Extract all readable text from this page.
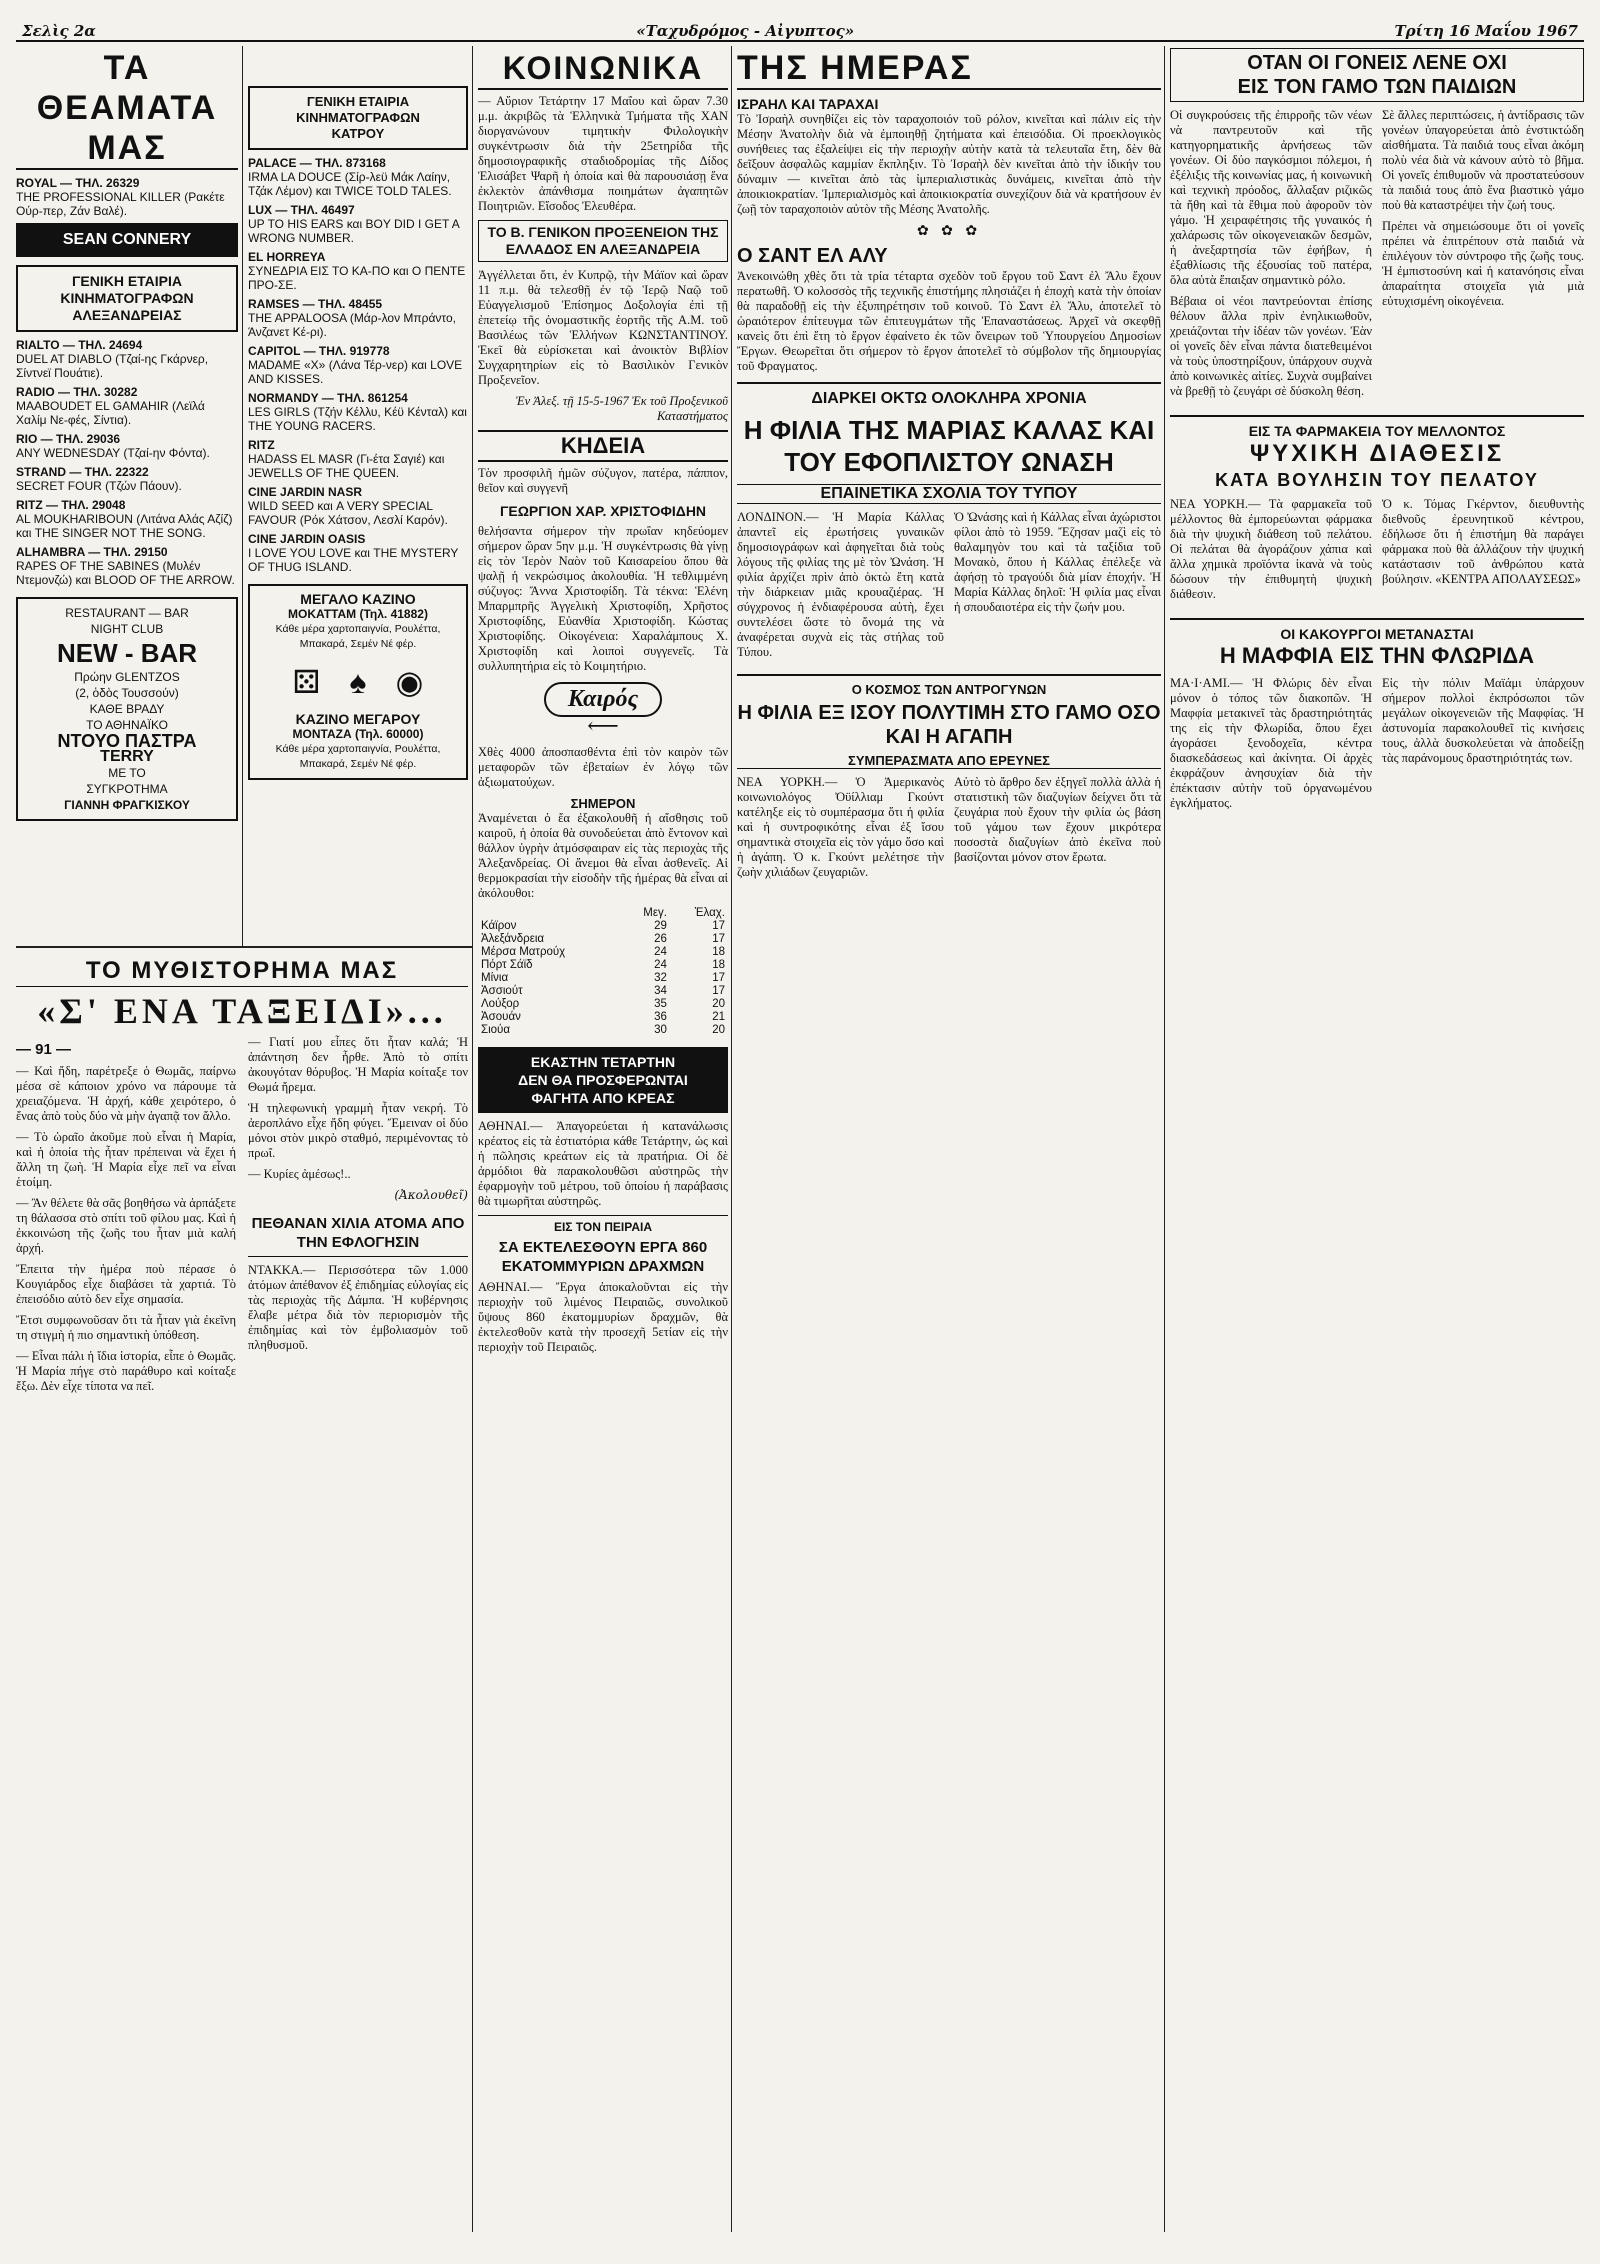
Σελὶς 2α	«Ταχυδρόμος - Αἰγυπτος»	Τρίτη 16 Μαΐου 1967
ΤΑ ΘΕΑΜΑΤΑ ΜΑΣ
ROYAL — ΤΗΛ. 26329
THE PROFESSIONAL KILLER (Ρακέτε Ούρ-περ, Ζάν Βαλέ).
SEAN CONNERY
ΓΕΝΙΚΗ ΕΤΑΙΡΙΑ
ΚΙΝΗΜΑΤΟΓΡΑΦΩΝ
ΑΛΕΞΑΝΔΡΕΙΑΣ
RIALTO — ΤΗΛ. 24694
DUEL AT DIABLO (Τζαί-ης Γκάρνερ, Σίντνεϊ Πουάτιε).
RADIO — ΤΗΛ. 30282
MAABOUDET EL GAMAHIR (Λεϊλά Χαλίμ Νε-φές, Σίντια).
RIO — ΤΗΛ. 29036
ANY WEDNESDAY (Τζαί-ην Φόντα).
STRAND — ΤΗΛ. 22322
SECRET FOUR (Τζών Πάουν).
RITZ — ΤΗΛ. 29048
AL MOUKHARIBOUN (Λιτάνα Αλάς Αζίζ) και THE SINGER NOT THE SONG.
ALHAMBRA — ΤΗΛ. 29150
RAPES OF THE SABINES (Μυλέν Ντεμονζώ) και BLOOD OF THE ARROW.
RESTAURANT — BAR
NIGHT CLUB
NEW - BAR
Πρώην GLENTZOS
(2, ὁδὸς Τουσσούν)
ΚΑΘΕ ΒΡΑΔΥ
ΤΟ ΑΘΗΝΑΪΚΟ
ΝΤΟΥΟ ΠΑΣΤΡΑ
TERRY
ΜΕ ΤΟ
ΣΥΓΚΡΟΤΗΜΑ
ΓΙΑΝΝΗ ΦΡΑΓΚΙΣΚΟΥ
ΓΕΝΙΚΗ ΕΤΑΙΡΙΑ
ΚΙΝΗΜΑΤΟΓΡΑΦΩΝ
ΚΑΤΡΟΥ
PALACE — ΤΗΛ. 873168
IRMA LA DOUCE (Σίρ-λεϋ Μάκ Λαίην, Τζάκ Λέμον) και TWICE TOLD TALES.
LUX — ΤΗΛ. 46497
UP TO HIS EARS και BOY DID I GET A WRONG NUMBER.
EL HORREYA
ΣΥΝΕΔΡΙΑ ΕΙΣ ΤΟ ΚΑ-ΠΟ και Ο ΠΕΝΤΕ ΠΡΟ-ΣΕ.
RAMSES — ΤΗΛ. 48455
THE APPALOOSA (Μάρ-λον Μπράντο, Άνζανετ Κέ-ρι).
CAPITOL — ΤΗΛ. 919778
MADAME «X» (Λάνα Τέρ-νερ) και LOVE AND KISSES.
NORMANDY — ΤΗΛ. 861254
LES GIRLS (Τζήν Κέλλυ, Κέϋ Κένταλ) και THE YOUNG RACERS.
RITZ
HADASS EL MASR (Γι-έτα Σαγιέ) και JEWELLS OF THE QUEEN.
CINE JARDIN NASR
WILD SEED και A VERY SPECIAL FAVOUR (Ρόκ Χάτσον, Λεσλί Καρόν).
CINE JARDIN OASIS
I LOVE YOU LOVE και THE MYSTERY OF THUG ISLAND.
ΜΕΓΑΛΟ ΚΑΖΙΝΟ
ΜΟΚΑΤΤΑΜ (Τηλ. 41882)
Κάθε μέρα χαρτοπαιγνία, Ρουλέττα, Μπακαρά, Σεμέν Νέ φέρ.
⚄ ♠ ◉
ΚΑΖΙΝΟ ΜΕΓΑΡΟΥ
ΜΟΝΤΑΖΑ (Τηλ. 60000)
Κάθε μέρα χαρτοπαιγνία, Ρουλέττα, Μπακαρά, Σεμέν Νέ φέρ.
ΤΟ ΜΥΘΙΣΤΟΡΗΜΑ ΜΑΣ
«Σ' ΕΝΑ ΤΑΞΕΙΔΙ»...
— 91 —

— Καὶ ἤδη, παρέτρεξε ὁ Θωμᾶς, παίρνω μέσα σὲ κάποιον χρόνο να πάρουμε τὰ χρειαζόμενα. Ἡ ἀρχή, κάθε χειρότερο, ὁ ἔνας ἀπὸ τοὺς δύο νὰ μὴν ἀγαπᾷ τον ἄλλο.

— Τὸ ὡραῖο ἀκοῦμε ποὺ εἶναι ἡ Μαρία, καὶ ἡ ὁποία τὴς ἦταν πρέπειναι νὰ ἔχει ἡ ἄλλη τη ζωὴ. Ἡ Μαρία εἶχε πεῖ να εἶναι ἑτοίμη.

— Ἂν θέλετε θὰ σᾶς βοηθήσω νὰ ἀρπάξετε τη θάλασσα στὸ σπίτι τοῦ φίλου μας. Καὶ ἡ ἐκκοινώση τῆς ζωῆς του ἦταν μιὰ καλή ἀρχή.

Ἔπειτα τὴν ἡμέρα ποὺ πέρασε ὁ Κουγιάρδος εἶχε διαβάσει τὰ χαρτιά. Τὸ ἐπεισόδιο αὐτὸ δεν εἶχε σημασία.

Ἔτσι συμφωνοῦσαν ὅτι τὰ ἦταν γιὰ ἐκεῖνη τη στιγμὴ ἡ πιο σημαντικὴ ὑπόθεση.

— Εἶναι πάλι ἡ ἴδια ἱστορία, εἶπε ὁ Θωμᾶς. Ἡ Μαρία πήγε στὸ παράθυρο καὶ κοίταξε ἔξω. Δὲν εἶχε τίποτα να πεῖ.

— Γιατί μου εἶπες ὅτι ἦταν καλά; Ἡ ἀπάντηση δεν ἦρθε. Ἀπὸ τὸ σπίτι ἀκουγόταν θόρυβος. Ἡ Μαρία κοίταξε τον Θωμά ἤρεμα.

Ἡ τηλεφωνικὴ γραμμὴ ἦταν νεκρή. Τὸ ἀεροπλάνο εἶχε ἤδη φύγει. Ἔμειναν οἱ δύο μόνοι στὸν μικρὸ σταθμό, περιμένοντας τὸ πρωΐ.

— Κυρίες ἀμέσως!..

(Ἀκολουθεῖ)
ΠΕΘΑΝΑΝ ΧΙΛΙΑ ΑΤΟΜΑ ΑΠΟ ΤΗΝ ΕΦΛΟΓΗΣΙΝ

ΝΤΑΚΚΑ.— Περισσότερα τῶν 1.000 ἀτόμων ἀπέθανον ἐξ ἐπιδημίας εὐλογίας εἰς τὰς περιοχὰς τῆς Δάμπα. Ἡ κυβέρνησις ἔλαβε μέτρα διὰ τὸν περιορισμὸν τῆς ἐπιδημίας καὶ τὸν ἐμβολιασμὸν τοῦ πληθυσμοῦ.

ΚΟΙΝΩΝΙΚΑ

— Αὔριον Τετάρτην 17 Μαΐου καὶ ὥραν 7.30 μ.μ. ἀκριβῶς τὰ Ἑλληνικὰ Τμήματα τῆς ΧΑΝ διοργανώνουν τιμητικὴν Φιλολογικὴν συγκέντρωσιν διὰ τὴν 25ετηρίδα τῆς δημοσιογραφικῆς σταδιοδρομίας τῆς Δίδος Ἐλισάβετ Ψαρῆ ἡ ὁποία καὶ θὰ παρουσιάσῃ ἕνα ἐκλεκτὸν ἀπάνθισμα ποιημάτων ἀγαπητῶν Ποιητριῶν. Εἴσοδος Ἐλευθέρα.

ΤΟ Β. ΓΕΝΙΚΟΝ ΠΡΟΞΕΝΕΙΟΝ ΤΗΣ ΕΛΛΑΔΟΣ ΕΝ ΑΛΕΞΑΝΔΡΕΙΑ

Ἀγγέλλεται ὅτι, ἐν Κυπρῷ, τὴν Μάϊον καὶ ὥραν 11 π.μ. θὰ τελεσθῇ ἐν τῷ Ἱερῷ Ναῷ τοῦ Εὐαγγελισμοῦ Ἐπίσημος Δοξολογία ἐπὶ τῇ ἐπετείῳ τῆς ὀνομαστικῆς ἑορτῆς τῆς Α.Μ. τοῦ Βασιλέως τῶν Ἑλλήνων ΚΩΝΣΤΑΝΤΙΝΟΥ. Ἐκεῖ θὰ εὑρίσκεται καὶ ἀνοικτὸν Βιβλίον Συγχαρητηρίων εἰς τὸ Βασιλικὸν Γενικὸν Προξενεῖον.

Ἐν Ἀλεξ. τῇ 15-5-1967 Ἐκ τοῦ Προξενικοῦ Καταστήματος

ΚΗΔΕΙΑ

Τὸν προσφιλῆ ἡμῶν σύζυγον, πατέρα, πάππον, θεῖον καὶ συγγενῆ

ΓΕΩΡΓΙΟΝ ΧΑΡ. ΧΡΙΣΤΟΦΙΔΗΝ

θελήσαντα σήμερον τὴν πρωΐαν κηδεύομεν σήμερον ὥραν 5ην μ.μ. Ἡ συγκέντρωσις θὰ γίνῃ εἰς τὸν Ἱερὸν Ναὸν τοῦ Καισαρείου ὅπου θὰ ψαλῇ ἡ νεκρώσιμος ἀκολουθία. Ἡ τεθλιμμένη σύζυγος: Ἄννα Χριστοφίδη. Τὰ τέκνα: Ἑλένη Μπαρμπρῆς Ἀγγελικὴ Χριστοφίδη, Χρῆστος Χριστοφίδης, Εὐανθία Χριστοφίδη. Κώστας Χριστοφίδης. Οἰκογένεια: Χαραλάμπους Χ. Χριστοφίδη καὶ λοιποὶ συγγενεῖς. Τὰ συλλυπητήρια εἰς τὸ Κοιμητήριο.

Καιρός
⟵

Χθὲς 4000 ἀποσπασθέντα ἐπὶ τὸν καιρὸν τῶν μεταφορῶν τῶν ἐβεταίων ἐν λόγῳ τῶν ἀξιωματούχων.

ΣΗΜΕΡΟΝ

Ἀναμένεται ὁ ἔα ἐξακολουθῆ ἡ αἴσθησις τοῦ καιροῦ, ἡ ὁποία θὰ συνοδεύεται ἀπὸ ἔντονον καὶ θάλλον ὑγρὴν ἀτμόσφαιραν εἰς τὰς περιοχὰς τῆς Ἀλεξανδρείας. Οἱ ἄνεμοι θὰ εἶναι ἀσθενεῖς. Αἱ θερμοκρασίαι τὴν εἰσοδὴν τῆς ἡμέρας θὰ εἶναι αἱ ἀκόλουθοι:

	Μεγ.	Ἐλαχ.
Κάϊρον	29	17
Ἀλεξάνδρεια	26	17
Μέρσα Ματρούχ	24	18
Πόρτ Σάϊδ	24	18
Μίνια	32	17
Ἀσσιούτ	34	17
Λούξορ	35	20
Ἀσουάν	36	21
Σιούα	30	20
ΕΚΑΣΤΗΝ ΤΕΤΑΡΤΗΝ
ΔΕΝ ΘΑ ΠΡΟΣΦΕΡΩΝΤΑΙ
ΦΑΓΗΤΑ ΑΠΟ ΚΡΕΑΣ

ΑΘΗΝΑΙ.— Ἀπαγορεύεται ἡ κατανάλωσις κρέατος εἰς τὰ ἐστιατόρια κάθε Τετάρτην, ὡς καὶ ἡ πῶλησις κρεάτων εἰς τὰ πρατήρια. Οἱ δὲ ἀρμόδιοι θὰ παρακολουθῶσι αὐστηρῶς τὴν ἐφαρμογὴν τοῦ μέτρου, τοῦ ὁποίου ἡ παράβασις θὰ τιμωρῆται αὐστηρῶς.

ΕΙΣ ΤΟΝ ΠΕΙΡΑΙΑ
ΣΑ ΕΚΤΕΛΕΣΘΟΥΝ ΕΡΓΑ 860 ΕΚΑΤΟΜΜΥΡΙΩΝ ΔΡΑΧΜΩΝ

ΑΘΗΝΑΙ.— Ἔργα ἀποκαλοῦνται εἰς τὴν περιοχὴν τοῦ λιμένος Πειραιῶς, συνολικοῦ ὕψους 860 ἑκατομμυρίων δραχμῶν, θὰ ἐκτελεσθοῦν κατὰ τὴν προσεχῆ 5ετίαν εἰς τὴν περιοχὴν τοῦ Πειραιῶς.

ΤΗΣ ΗΜΕΡΑΣ
ΙΣΡΑΗΛ ΚΑΙ ΤΑΡΑΧΑΙ

Τὸ Ἰσραὴλ συνηθίζει εἰς τὸν ταραχοποιόν τοῦ ρόλον, κινεῖται καὶ πάλιν εἰς τὴν Μέσην Ἀνατολὴν διὰ νὰ ἐμποιηθῇ ζητήματα καὶ ἐπεισόδια. Οἱ προεκλογικὸς συνήθειες τας ἐξαλείψει εἰς τὴν περιοχὴν αὐτὴν κατὰ τὰ τελευταῖα ἔτη, δὲν θὰ δεῖξουν ἀσφαλῶς καμμίαν ἔκπληξιν. Τὸ Ἰσραὴλ δὲν κινεῖται ἀπὸ τὴν ἰδικήν του δύναμιν — κινεῖται ἀπὸ τὰς ἰμπεριαλιστικὰς δυνάμεις, κινεῖται ἀπὸ τὴν ἀποικιοκρατίαν. Ἰμπεριαλισμὸς καὶ ἀποικιοκρατία συνεχίζουν διὰ νὰ κρατήσουν ἐν ζωῇ τὸν ταραχοποιὸν αὐτὸν τῆς Μέσης Ἀνατολῆς.

✿ ✿ ✿
Ο ΣΑΝΤ ΕΛ ΑΛΥ

Ἀνεκοινώθη χθὲς ὅτι τὰ τρία τέταρτα σχεδὸν τοῦ ἔργου τοῦ Σαντ ἐλ Ἄλυ ἔχουν περατωθῆ. Ὁ κολοσσὸς τῆς τεχνικῆς ἐπιστήμης πλησιάζει ἡ ἐποχὴ κατὰ τὴν ὁποίαν θὰ παραδοθῇ εἰς τὴν ἐξυπηρέτησιν τοῦ κοινοῦ. Τὸ Σαντ ἐλ Ἄλυ, ἀποτελεῖ τὸ ὡραιότερον ἐπίτευγμα τῶν ἐπιτευγμάτων τῆς Ἐπαναστάσεως. Ἀρχεῖ νὰ σκεφθῇ κανεὶς ὅτι ἐπὶ ἔτη τὸ ἔργον ἐφαίνετο ἐκ τῶν ὄνειρων τοῦ Ὑπουργείου Δημοσίων Ἔργων. Θεωρεῖται ὅτι σήμερον τὸ ἔργον ἀποτελεῖ τὸ σύμβολον τῆς δημιουργίας τοῦ Φραγματος.

ΔΙΑΡΚΕΙ ΟΚΤΩ ΟΛΟΚΛΗΡΑ ΧΡΟΝΙΑ
Η ΦΙΛΙΑ ΤΗΣ ΜΑΡΙΑΣ ΚΑΛΑΣ ΚΑΙ ΤΟΥ ΕΦΟΠΛΙΣΤΟΥ ΩΝΑΣΗ
ΕΠΑΙΝΕΤΙΚΑ ΣΧΟΛΙΑ ΤΟΥ ΤΥΠΟΥ

ΛΟΝΔΙΝΟΝ.— Ἡ Μαρία Κάλλας ἀπαντεῖ εἰς ἐρωτήσεις γυναικῶν δημοσιογράφων καὶ ἀφηγεῖται διὰ τοὺς λόγους τῆς φιλίας της μὲ τὸν Ὠνάση. Ἡ φιλία ἀρχίζει πρὶν ἀπὸ ὀκτὼ ἔτη κατὰ τὴν διάρκειαν μιᾶς κρουαζιέρας. Ἡ σύγχρονος ἡ ἐνδιαφέρουσα αὐτὴ, ἔχει συντελέσει ὥστε τὸ ὄνομά της νὰ ἀναφέρεται συχνὰ εἰς τὰς στήλας τοῦ Τύπου.

Ὁ Ὠνάσης καὶ ἡ Κάλλας εἶναι ἀχώριστοι φίλοι ἀπὸ τὸ 1959. Ἔζησαν μαζὶ εἰς τὸ θαλαμηγὸν του καὶ τὰ ταξίδια τοῦ Μονακὸ, ὅπου ἡ Κάλλας ἐπέλεξε νὰ ἀφήσῃ τὸ τραγούδι διὰ μίαν ἐποχήν. Ἡ Μαρία Κάλλας δηλοῖ: Ἡ φιλία μας εἶναι ἡ σπουδαιοτέρα εἰς τὴν ζωήν μου.

Ο ΚΟΣΜΟΣ ΤΩΝ ΑΝΤΡΟΓΥΝΩΝ
Η ΦΙΛΙΑ ΕΞ ΙΣΟΥ ΠΟΛΥΤΙΜΗ ΣΤΟ ΓΑΜΟ ΟΣΟ ΚΑΙ Η ΑΓΑΠΗ
ΣΥΜΠΕΡΑΣΜΑΤΑ ΑΠΟ ΕΡΕΥΝΕΣ

ΝΕΑ ΥΟΡΚΗ.— Ὁ Ἀμερικανὸς κοινωνιολόγος Ὀϋίλλιαμ Γκούντ κατέληξε εἰς τὸ συμπέρασμα ὅτι ἡ φιλία καὶ ἡ συντροφικότης εἶναι ἐξ ἴσου σημαντικὰ στοιχεῖα εἰς τὸν γάμο ὅσο καὶ ἡ ἀγάπη. Ὁ κ. Γκούντ μελέτησε τὴν ζωὴν χιλιάδων ζευγαριῶν.

Αὐτὸ τὸ ἄρθρο δεν ἐξηγεῖ πολλὰ ἀλλὰ ἡ στατιστικὴ τῶν διαζυγίων δείχνει ὅτι τὰ ζευγάρια ποὺ ἔχουν τὴν φιλία ὡς βάση τοῦ γάμου των ἔχουν μικρότερα ποσοστὰ διαζυγίων ἀπὸ ἐκεῖνα ποὺ βασίζονται μόνον στον ἔρωτα.

ΟΤΑΝ ΟΙ ΓΟΝΕΙΣ ΛΕΝΕ ΟΧΙ
ΕΙΣ ΤΟΝ ΓΑΜΟ ΤΩΝ ΠΑΙΔΙΩΝ

Οἱ συγκρούσεις τῆς ἐπιρροῆς τῶν νέων νὰ παντρευτοῦν καὶ τῆς κατηγορηματικῆς ἀρνήσεως τῶν γονέων. Οἱ δύο παγκόσμιοι πόλεμοι, ἡ ἐξέλιξις τῆς κοινωνίας μας, ἡ κοινωνικὴ καὶ τεχνικὴ πρόοδος, ἄλλαξαν ριζικῶς τὰ ἤθη καὶ τὰ ἔθιμα ποὺ ἀφοροῦν τὸν γάμο. Ἡ χειραφέτησις τῆς γυναικός ἡ χαλάρωσις τῶν οἰκογενειακῶν δεσμῶν, ἡ ἀνεξαρτησία τῶν ἐφήβων, ἡ ἐξαθλίωσις τῆς ἐξουσίας τοῦ πατέρα, ὅλα αὐτὰ ἔπαιξαν σημαντικὸ ρόλο.

Βέβαια οἱ νέοι παντρεύονται ἐπίσης θέλουν ἄλλα πρὶν ἐνηλικιωθοῦν, χρειάζονται τὴν ἰδέαν τῶν γονέων. Ἐὰν οἱ γονεῖς δὲν εἶναι πάντα διατεθειμένοι νὰ τοὺς ὑποστηρίξουν, ὑπάρχουν συχνὰ ἀπὸ κοινωνικὲς αἰτίες. Συχνὰ συμβαίνει νὰ βρεθῇ τὸ ζευγάρι σὲ δύσκολη θέση.

Σὲ ἄλλες περιπτώσεις, ἡ ἀντίδρασις τῶν γονέων ὑπαγορεύεται ἀπὸ ἐνστικτώδη αἰσθήματα. Τὰ παιδιά τους εἶναι ἀκόμη πολὺ νέα διὰ νὰ κάνουν αὐτὸ τὸ βῆμα. Οἱ γονεῖς ἐπιθυμοῦν νὰ προστατεύσουν τὰ παιδιά τους ἀπὸ ἕνα βιαστικὸ γάμο ποὺ θὰ καταστρέψει τὴν ζωή τους.

Πρέπει νὰ σημειώσουμε ὅτι οἱ γονεῖς πρέπει νὰ ἐπιτρέπουν στὰ παιδιά νὰ ἐπιλέγουν τὸν σύντροφο τῆς ζωῆς τους. Ἡ ἐμπιστοσύνη καὶ ἡ κατανόησις εἶναι ἀπαραίτητα στοιχεῖα γιὰ μιὰ εὐτυχισμένη οἰκογένεια.

ΕΙΣ ΤΑ ΦΑΡΜΑΚΕΙΑ ΤΟΥ ΜΕΛΛΟΝΤΟΣ
ΨΥΧΙΚΗ ΔΙΑΘΕΣΙΣ
ΚΑΤΑ ΒΟΥΛΗΣΙΝ ΤΟΥ ΠΕΛΑΤΟΥ

ΝΕΑ ΥΟΡΚΗ.— Τὰ φαρμακεῖα τοῦ μέλλοντος θὰ ἐμπορεύωνται φάρμακα διὰ τὴν ψυχικὴ διάθεση τοῦ πελάτου. Οἱ πελάται θὰ ἀγοράζουν χάπια καὶ ἄλλα χημικὰ προϊόντα ἱκανὰ νὰ τοὺς δώσουν τὴν ἐπιθυμητὴ ψυχικὴ διάθεσιν.

Ὁ κ. Τόμας Γκέρντον, διευθυντὴς διεθνοῦς ἐρευνητικοῦ κέντρου, ἐδήλωσε ὅτι ἡ ἐπιστήμη θὰ παράγει φάρμακα ποὺ θὰ ἀλλάζουν τὴν ψυχική κατάστασιν τοῦ ἀνθρώπου κατὰ βούλησιν. «ΚΕΝΤΡΑ ΑΠΟΛΑΥΣΕΩΣ»

ΟΙ ΚΑΚΟΥΡΓΟΙ ΜΕΤΑΝΑΣΤΑΙ
Η ΜΑΦΦΙΑ ΕΙΣ ΤΗΝ ΦΛΩΡΙΔΑ

ΜΑ·Ι·ΑΜΙ.— Ἡ Φλώρις δὲν εἶναι μόνον ὁ τόπος τῶν διακοπῶν. Ἡ Μαφφία μετακινεῖ τὰς δραστηριότητάς της εἰς τὴν Φλωρίδα, ὅπου ἔχει ἀγοράσει ξενοδοχεῖα, κέντρα διασκεδάσεως καὶ ἀκίνητα. Οἱ ἀρχὲς ἐκφράζουν ἀνησυχίαν διὰ τὴν ἐπέκτασιν αὐτὴν τοῦ ὀργανωμένου ἐγκλήματος.

Εἰς τὴν πόλιν Μαϊάμι ὑπάρχουν σήμερον πολλοὶ ἐκπρόσωποι τῶν μεγάλων οἰκογενειῶν τῆς Μαφφίας. Ἡ ἀστυνομία παρακολουθεῖ τὶς κινήσεις τους, ἀλλὰ δυσκολεύεται νὰ ἀποδείξῃ τὰς παράνομους δραστηριότητάς των.
